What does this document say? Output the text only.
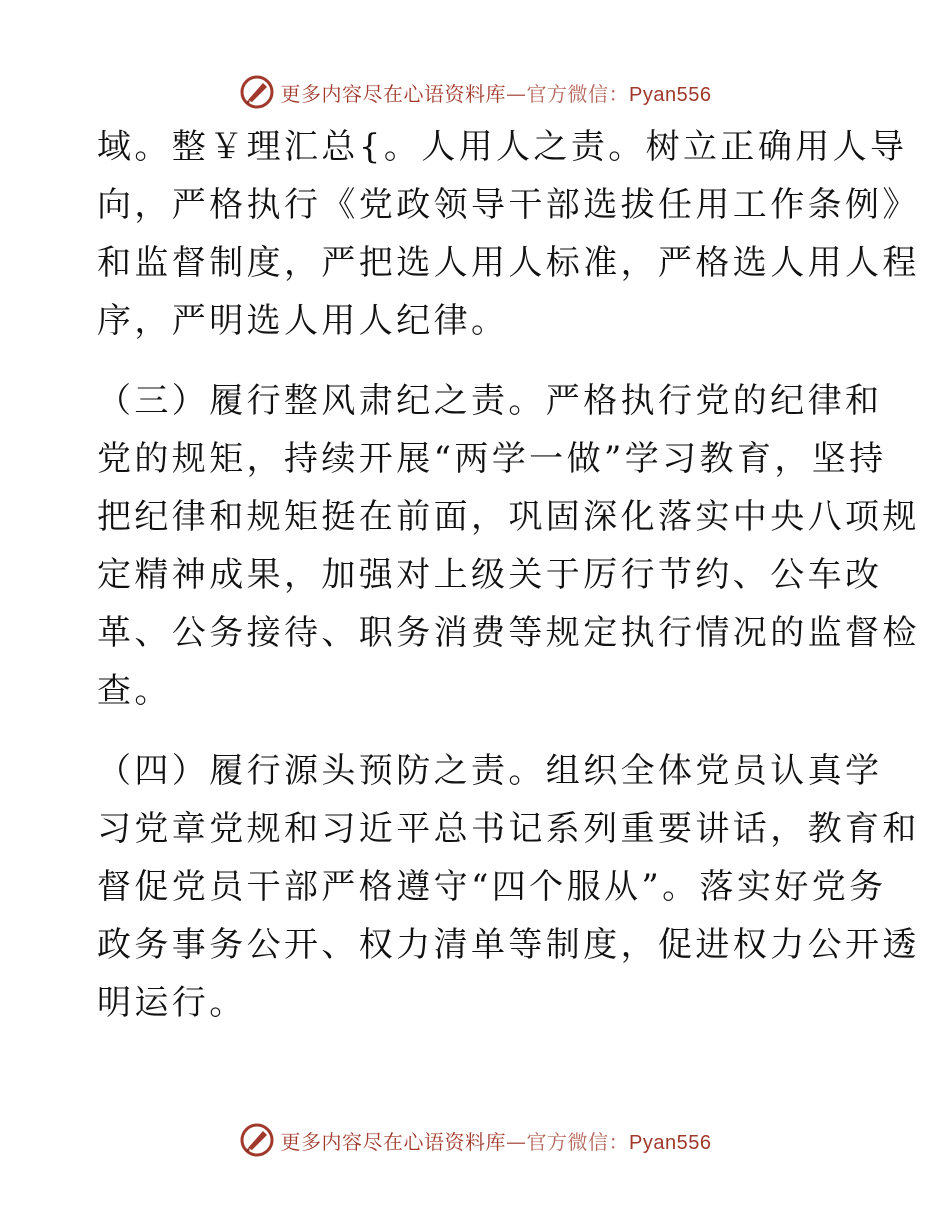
更多内容尽在心语资料库—官方微信：Pyan556
域。整￥理汇总{。人用人之责。树立正确用人导
向，严格执行《党政领导干部选拔任用工作条例》
和监督制度，严把选人用人标准，严格选人用人程
序，严明选人用人纪律。
（三）履行整风肃纪之责。严格执行党的纪律和
党的规矩，持续开展“两学一做”学习教育，坚持
把纪律和规矩挺在前面，巩固深化落实中央八项规
定精神成果，加强对上级关于厉行节约、公车改
革、公务接待、职务消费等规定执行情况的监督检
查。
（四）履行源头预防之责。组织全体党员认真学
习党章党规和习近平总书记系列重要讲话，教育和
督促党员干部严格遵守“四个服从”。落实好党务
政务事务公开、权力清单等制度，促进权力公开透
明运行。
更多内容尽在心语资料库—官方微信：Pyan556
